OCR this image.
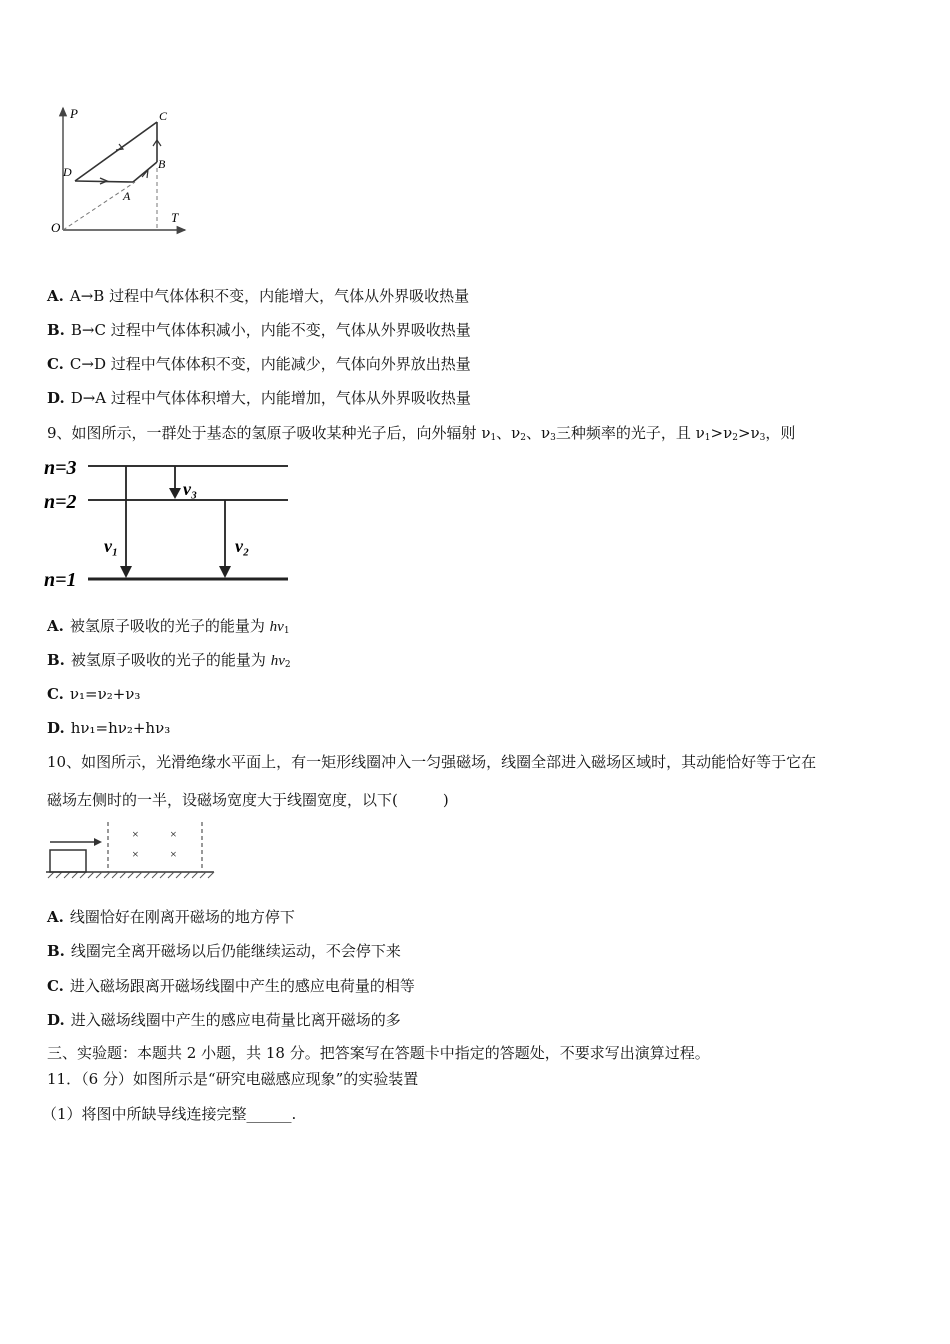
P
T
O
C
B
D
A
A. A→B 过程中气体体积不变，内能增大，气体从外界吸收热量
B. B→C 过程中气体体积减小，内能不变，气体从外界吸收热量
C. C→D 过程中气体体积不变，内能减少，气体向外界放出热量
D. D→A 过程中气体体积增大，内能增加，气体从外界吸收热量
9、如图所示，一群处于基态的氢原子吸收某种光子后，向外辐射 $\nu_1$、$\nu_2$、$\nu_3$三种频率的光子，且 $\nu_1>\nu_2>\nu_3$，则
n=3
n=2
n=1
ν₁
ν₃
ν₂
A. 被氢原子吸收的光子的能量为 $h\nu_1$
B. 被氢原子吸收的光子的能量为 $h\nu_2$
C. ν₁=ν₂+ν₃
D. hν₁=hν₂+hν₃
10、如图所示，光滑绝缘水平面上，有一矩形线圈冲入一匀强磁场，线圈全部进入磁场区域时，其动能恰好等于它在
磁场左侧时的一半，设磁场宽度大于线圈宽度，以下(　　　)
×	×
×	×
A. 线圈恰好在刚离开磁场的地方停下
B. 线圈完全离开磁场以后仍能继续运动，不会停下来
C. 进入磁场跟离开磁场线圈中产生的感应电荷量的相等
D. 进入磁场线圈中产生的感应电荷量比离开磁场的多
三、实验题：本题共 2 小题，共 18 分。把答案写在答题卡中指定的答题处，不要求写出演算过程。
11．（6 分）如图所示是“研究电磁感应现象”的实验装置
（1）将图中所缺导线连接完整______.
